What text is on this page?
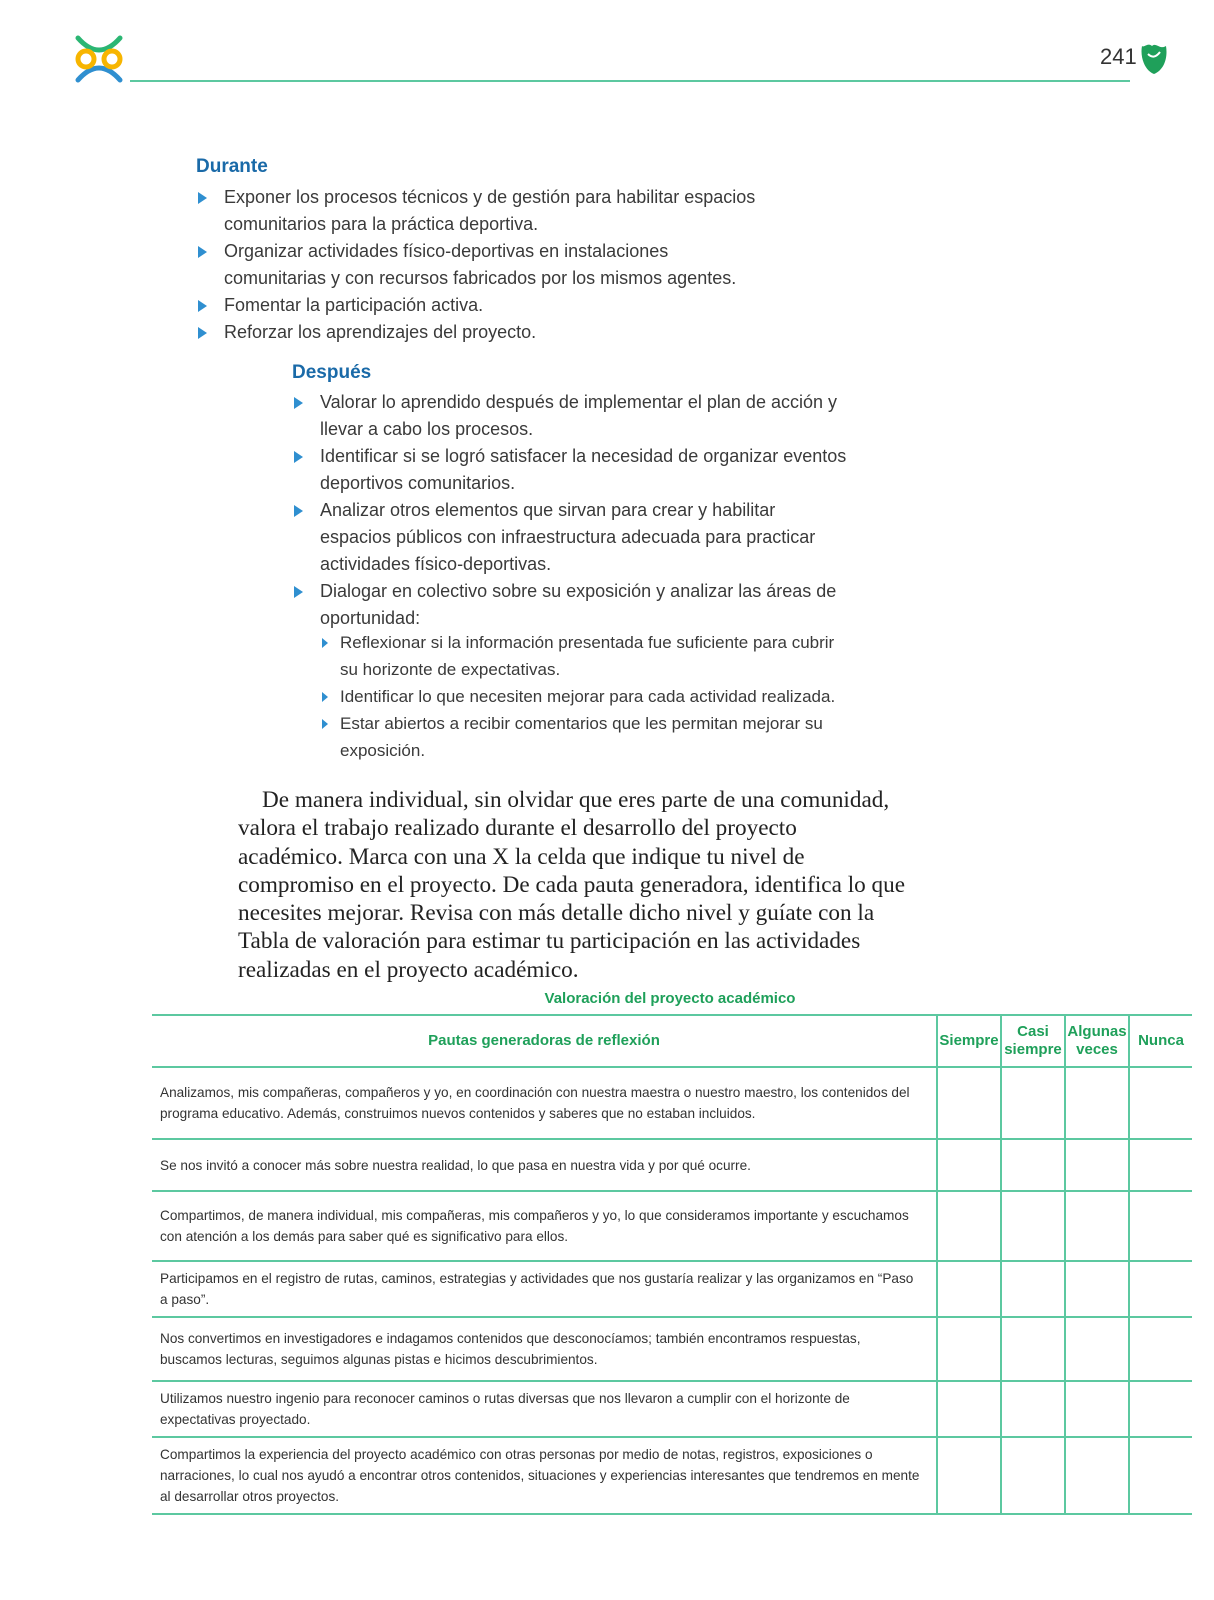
241
Durante
Exponer los procesos técnicos y de gestión para habilitar espacios comunitarios para la práctica deportiva.
Organizar actividades físico-deportivas en instalaciones comunitarias y con recursos fabricados por los mismos agentes.
Fomentar la participación activa.
Reforzar los aprendizajes del proyecto.
Después
Valorar lo aprendido después de implementar el plan de acción y llevar a cabo los procesos.
Identificar si se logró satisfacer la necesidad de organizar eventos deportivos comunitarios.
Analizar otros elementos que sirvan para crear y habilitar espacios públicos con infraestructura adecuada para practicar actividades físico-deportivas.
Dialogar en colectivo sobre su exposición y analizar las áreas de oportunidad:
Reflexionar si la información presentada fue suficiente para cubrir su horizonte de expectativas.
Identificar lo que necesiten mejorar para cada actividad realizada.
Estar abiertos a recibir comentarios que les permitan mejorar su exposición.

De manera individual, sin olvidar que eres parte de una comunidad, valora el trabajo realizado durante el desarrollo del proyecto académico. Marca con una X la celda que indique tu nivel de compromiso en el proyecto. De cada pauta generadora, identifica lo que necesites mejorar. Revisa con más detalle dicho nivel y guíate con la Tabla de valoración para estimar tu participación en las actividades realizadas en el proyecto académico.

Valoración del proyecto académico
Pautas generadoras de reflexión	Siempre	Casi siempre	Algunas veces	Nunca
Analizamos, mis compañeras, compañeros y yo, en coordinación con nuestra maestra o nuestro maestro, los contenidos del programa educativo. Además, construimos nuevos contenidos y saberes que no estaban incluidos.				
Se nos invitó a conocer más sobre nuestra realidad, lo que pasa en nuestra vida y por qué ocurre.				
Compartimos, de manera individual, mis compañeras, mis compañeros y yo, lo que consideramos importante y escuchamos con atención a los demás para saber qué es significativo para ellos.				
Participamos en el registro de rutas, caminos, estrategias y actividades que nos gustaría realizar y las organizamos en “Paso a paso”.				
Nos convertimos en investigadores e indagamos contenidos que desconocíamos; también encontramos respuestas, buscamos lecturas, seguimos algunas pistas e hicimos descubrimientos.				
Utilizamos nuestro ingenio para reconocer caminos o rutas diversas que nos llevaron a cumplir con el horizonte de expectativas proyectado.				
Compartimos la experiencia del proyecto académico con otras personas por medio de notas, registros, exposiciones o narraciones, lo cual nos ayudó a encontrar otros contenidos, situaciones y experiencias interesantes que tendremos en mente al desarrollar otros proyectos.				
